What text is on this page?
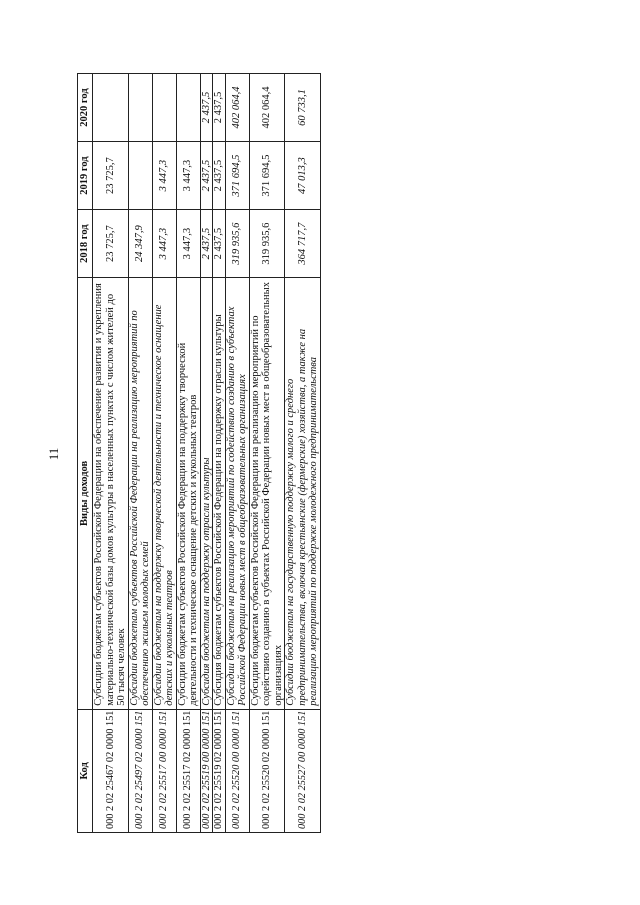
11
Код	Виды доходов	2018 год	2019 год	2020 год
000 2 02 25467 02 0000 151	Субсидии бюджетам субъектов Российской Федерации на обеспечение развития и укрепления материально-технической базы домов культуры в населенных пунктах с числом жителей до 50 тысяч человек	23 725,7	23 725,7	
000 2 02 25497 02 0000 151	Субсидии бюджетам субъектов Российской Федерации на реализацию мероприятий по обеспечению жильем молодых семей	24 347,9		
000 2 02 25517 00 0000 151	Субсидии бюджетам на поддержку творческой деятельности и техническое оснащение детских и кукольных театров	3 447,3	3 447,3	
000 2 02 25517 02 0000 151	Субсидии бюджетам субъектов Российской Федерации на поддержку творческой деятельности и техническое оснащение детских и кукольных театров	3 447,3	3 447,3	
000 2 02 25519 00 0000 151	Субсидия бюджетам на поддержку отрасли культуры	2 437,5	2 437,5	2 437,5
000 2 02 25519 02 0000 151	Субсидия бюджетам субъектов Российской Федерации на поддержку отрасли культуры	2 437,5	2 437,5	2 437,5
000 2 02 25520 00 0000 151	Субсидии бюджетам на реализацию мероприятий по содействию созданию в субъектах Российской Федерации новых мест в общеобразовательных организациях	319 935,6	371 694,5	402 064,4
000 2 02 25520 02 0000 151	Субсидии бюджетам субъектов Российской Федерации на реализацию мероприятий по содействию созданию в субъектах Российской Федерации новых мест в общеобразовательных организациях	319 935,6	371 694,5	402 064,4
000 2 02 25527 00 0000 151	Субсидии бюджетам на государственную поддержку малого и среднего предпринимательства, включая крестьянские (фермерские) хозяйства, а также на реализацию мероприятий по поддержке молодежного предпринимательства	364 717,7	47 013,3	60 733,1
